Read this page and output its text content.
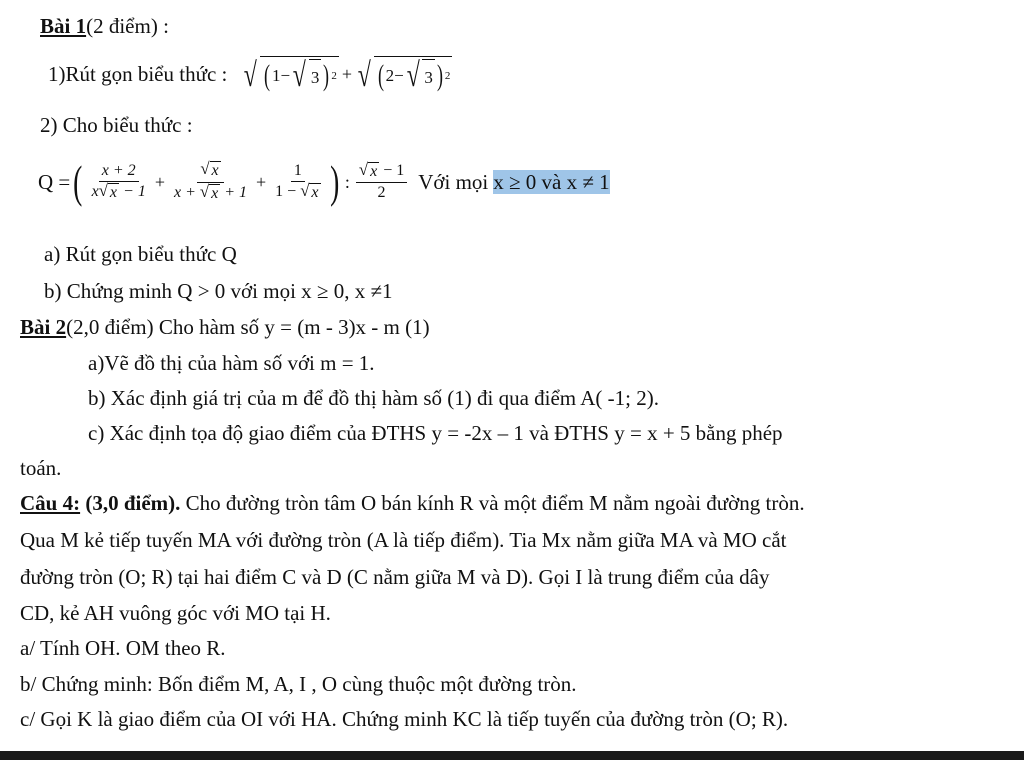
Bài 1(2 điểm) :
1)Rút gọn biểu thức : √ ( 1 − √ 3 ) 2 + √ ( 2 − √ 3 ) 2
2) Cho biểu thức :
Q = ( $\frac{x + 2}{x √ x - 1} + \frac{√ x}{x + √ x + 1} + \frac{1}{1 - √ x}$ ) : $\frac{√ x - 1}{2}$ Với mọi x ≥ 0 và x ≠ 1
a) Rút gọn biểu thức Q
b) Chứng minh Q > 0 với mọi x ≥ 0, x ≠1
Bài 2(2,0 điểm) Cho hàm số y = (m - 3)x - m (1)
a)Vẽ đồ thị của hàm số với m = 1.
b) Xác định giá trị của m để đồ thị hàm số (1) đi qua điểm A( -1; 2).
c) Xác định tọa độ giao điểm của ĐTHS y = -2x – 1 và ĐTHS y = x + 5 bằng phép
toán.
Câu 4: (3,0 điểm). Cho đường tròn tâm O bán kính R và một điểm M nằm ngoài đường tròn.
Qua M kẻ tiếp tuyến MA với đường tròn (A là tiếp điểm). Tia Mx nằm giữa MA và MO cắt
đường tròn (O; R) tại hai điểm C và D (C nằm giữa M và D). Gọi I là trung điểm của dây
CD, kẻ AH vuông góc với MO tại H.
a/ Tính OH. OM theo R.
b/ Chứng minh: Bốn điểm M, A, I , O cùng thuộc một đường tròn.
c/ Gọi K là giao điểm của OI với HA. Chứng minh KC là tiếp tuyến của đường tròn (O; R).
